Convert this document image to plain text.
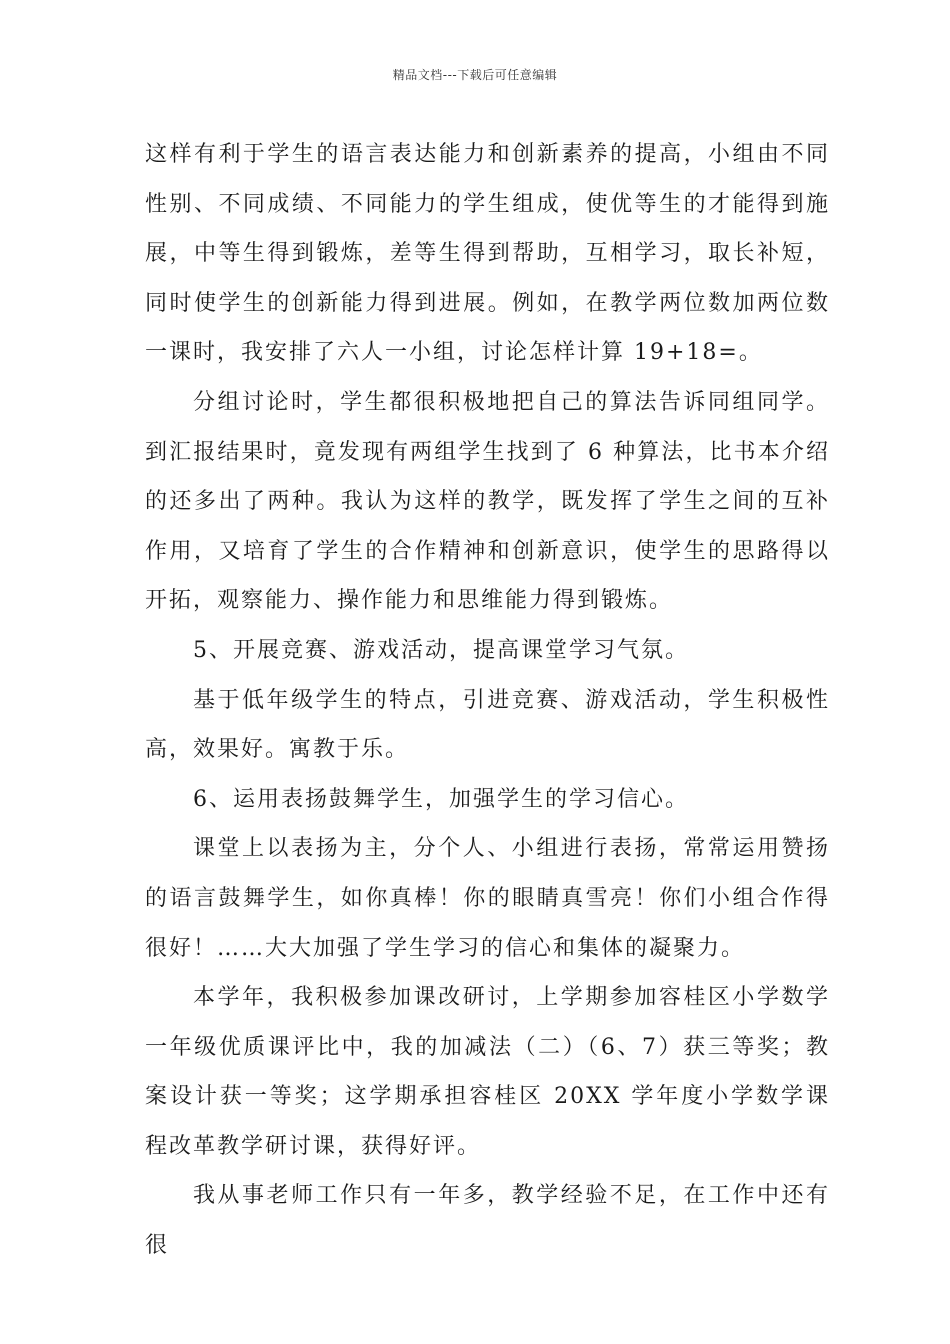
精品文档---下载后可任意编辑

这样有利于学生的语言表达能力和创新素养的提高，小组由不同性别、不同成绩、不同能力的学生组成，使优等生的才能得到施展，中等生得到锻炼，差等生得到帮助，互相学习，取长补短，同时使学生的创新能力得到进展。例如，在教学两位数加两位数一课时，我安排了六人一小组，讨论怎样计算 19+18=。

分组讨论时，学生都很积极地把自己的算法告诉同组同学。到汇报结果时，竟发现有两组学生找到了 6 种算法，比书本介绍的还多出了两种。我认为这样的教学，既发挥了学生之间的互补作用，又培育了学生的合作精神和创新意识，使学生的思路得以开拓，观察能力、操作能力和思维能力得到锻炼。

5、开展竞赛、游戏活动，提高课堂学习气氛。

基于低年级学生的特点，引进竞赛、游戏活动，学生积极性高，效果好。寓教于乐。

6、运用表扬鼓舞学生，加强学生的学习信心。

课堂上以表扬为主，分个人、小组进行表扬，常常运用赞扬的语言鼓舞学生，如你真棒！你的眼睛真雪亮！你们小组合作得很好！……大大加强了学生学习的信心和集体的凝聚力。

本学年，我积极参加课改研讨，上学期参加容桂区小学数学一年级优质课评比中，我的加减法（二）（6、7）获三等奖；教案设计获一等奖；这学期承担容桂区 20XX 学年度小学数学课程改革教学研讨课，获得好评。

我从事老师工作只有一年多，教学经验不足，在工作中还有很
